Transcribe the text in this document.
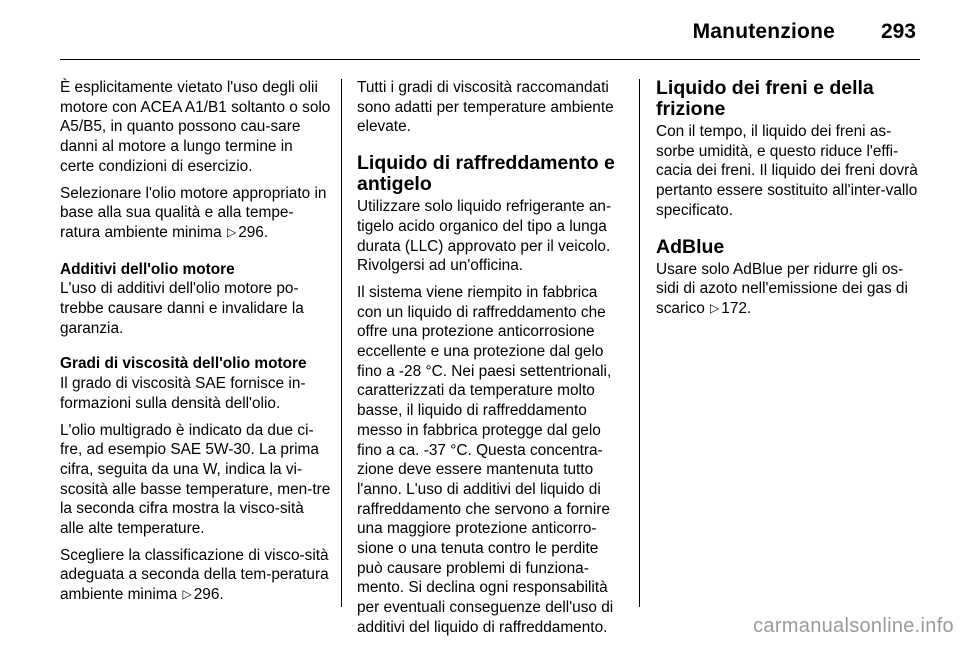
Manutenzione 293

È esplicitamente vietato l'uso degli olii motore con ACEA A1/B1 soltanto o solo A5/B5, in quanto possono cau-sare danni al motore a lungo termine in certe condizioni di esercizio.

Selezionare l'olio motore appropriato in base alla sua qualità e alla tempe-ratura ambiente minima ▷ 296.

Additivi dell'olio motore

L'uso di additivi dell'olio motore po-trebbe causare danni e invalidare la garanzia.

Gradi di viscosità dell'olio motore

Il grado di viscosità SAE fornisce in-formazioni sulla densità dell'olio.

L'olio multigrado è indicato da due ci-fre, ad esempio SAE 5W-30. La prima cifra, seguita da una W, indica la vi-scosità alle basse temperature, men-tre la seconda cifra mostra la visco-sità alle alte temperature.

Scegliere la classificazione di visco-sità adeguata a seconda della tem-peratura ambiente minima ▷ 296.

Tutti i gradi di viscosità raccomandati sono adatti per temperature ambiente elevate.

Liquido di raffreddamento e antigelo

Utilizzare solo liquido refrigerante an-tigelo acido organico del tipo a lunga durata (LLC) approvato per il veicolo. Rivolgersi ad un'officina.

Il sistema viene riempito in fabbrica con un liquido di raffreddamento che offre una protezione anticorrosione eccellente e una protezione dal gelo fino a -28 °C. Nei paesi settentrionali, caratterizzati da temperature molto basse, il liquido di raffreddamento messo in fabbrica protegge dal gelo fino a ca. -37 °C. Questa concentra-zione deve essere mantenuta tutto l'anno. L'uso di additivi del liquido di raffreddamento che servono a fornire una maggiore protezione anticorro-sione o una tenuta contro le perdite può causare problemi di funziona-mento. Si declina ogni responsabilità per eventuali conseguenze dell'uso di additivi del liquido di raffreddamento.

Liquido dei freni e della frizione

Con il tempo, il liquido dei freni as-sorbe umidità, e questo riduce l'effi-cacia dei freni. Il liquido dei freni dovrà pertanto essere sostituito all'inter-vallo specificato.

AdBlue

Usare solo AdBlue per ridurre gli os-sidi di azoto nell'emissione dei gas di scarico ▷ 172.

carmanualsonline.info
